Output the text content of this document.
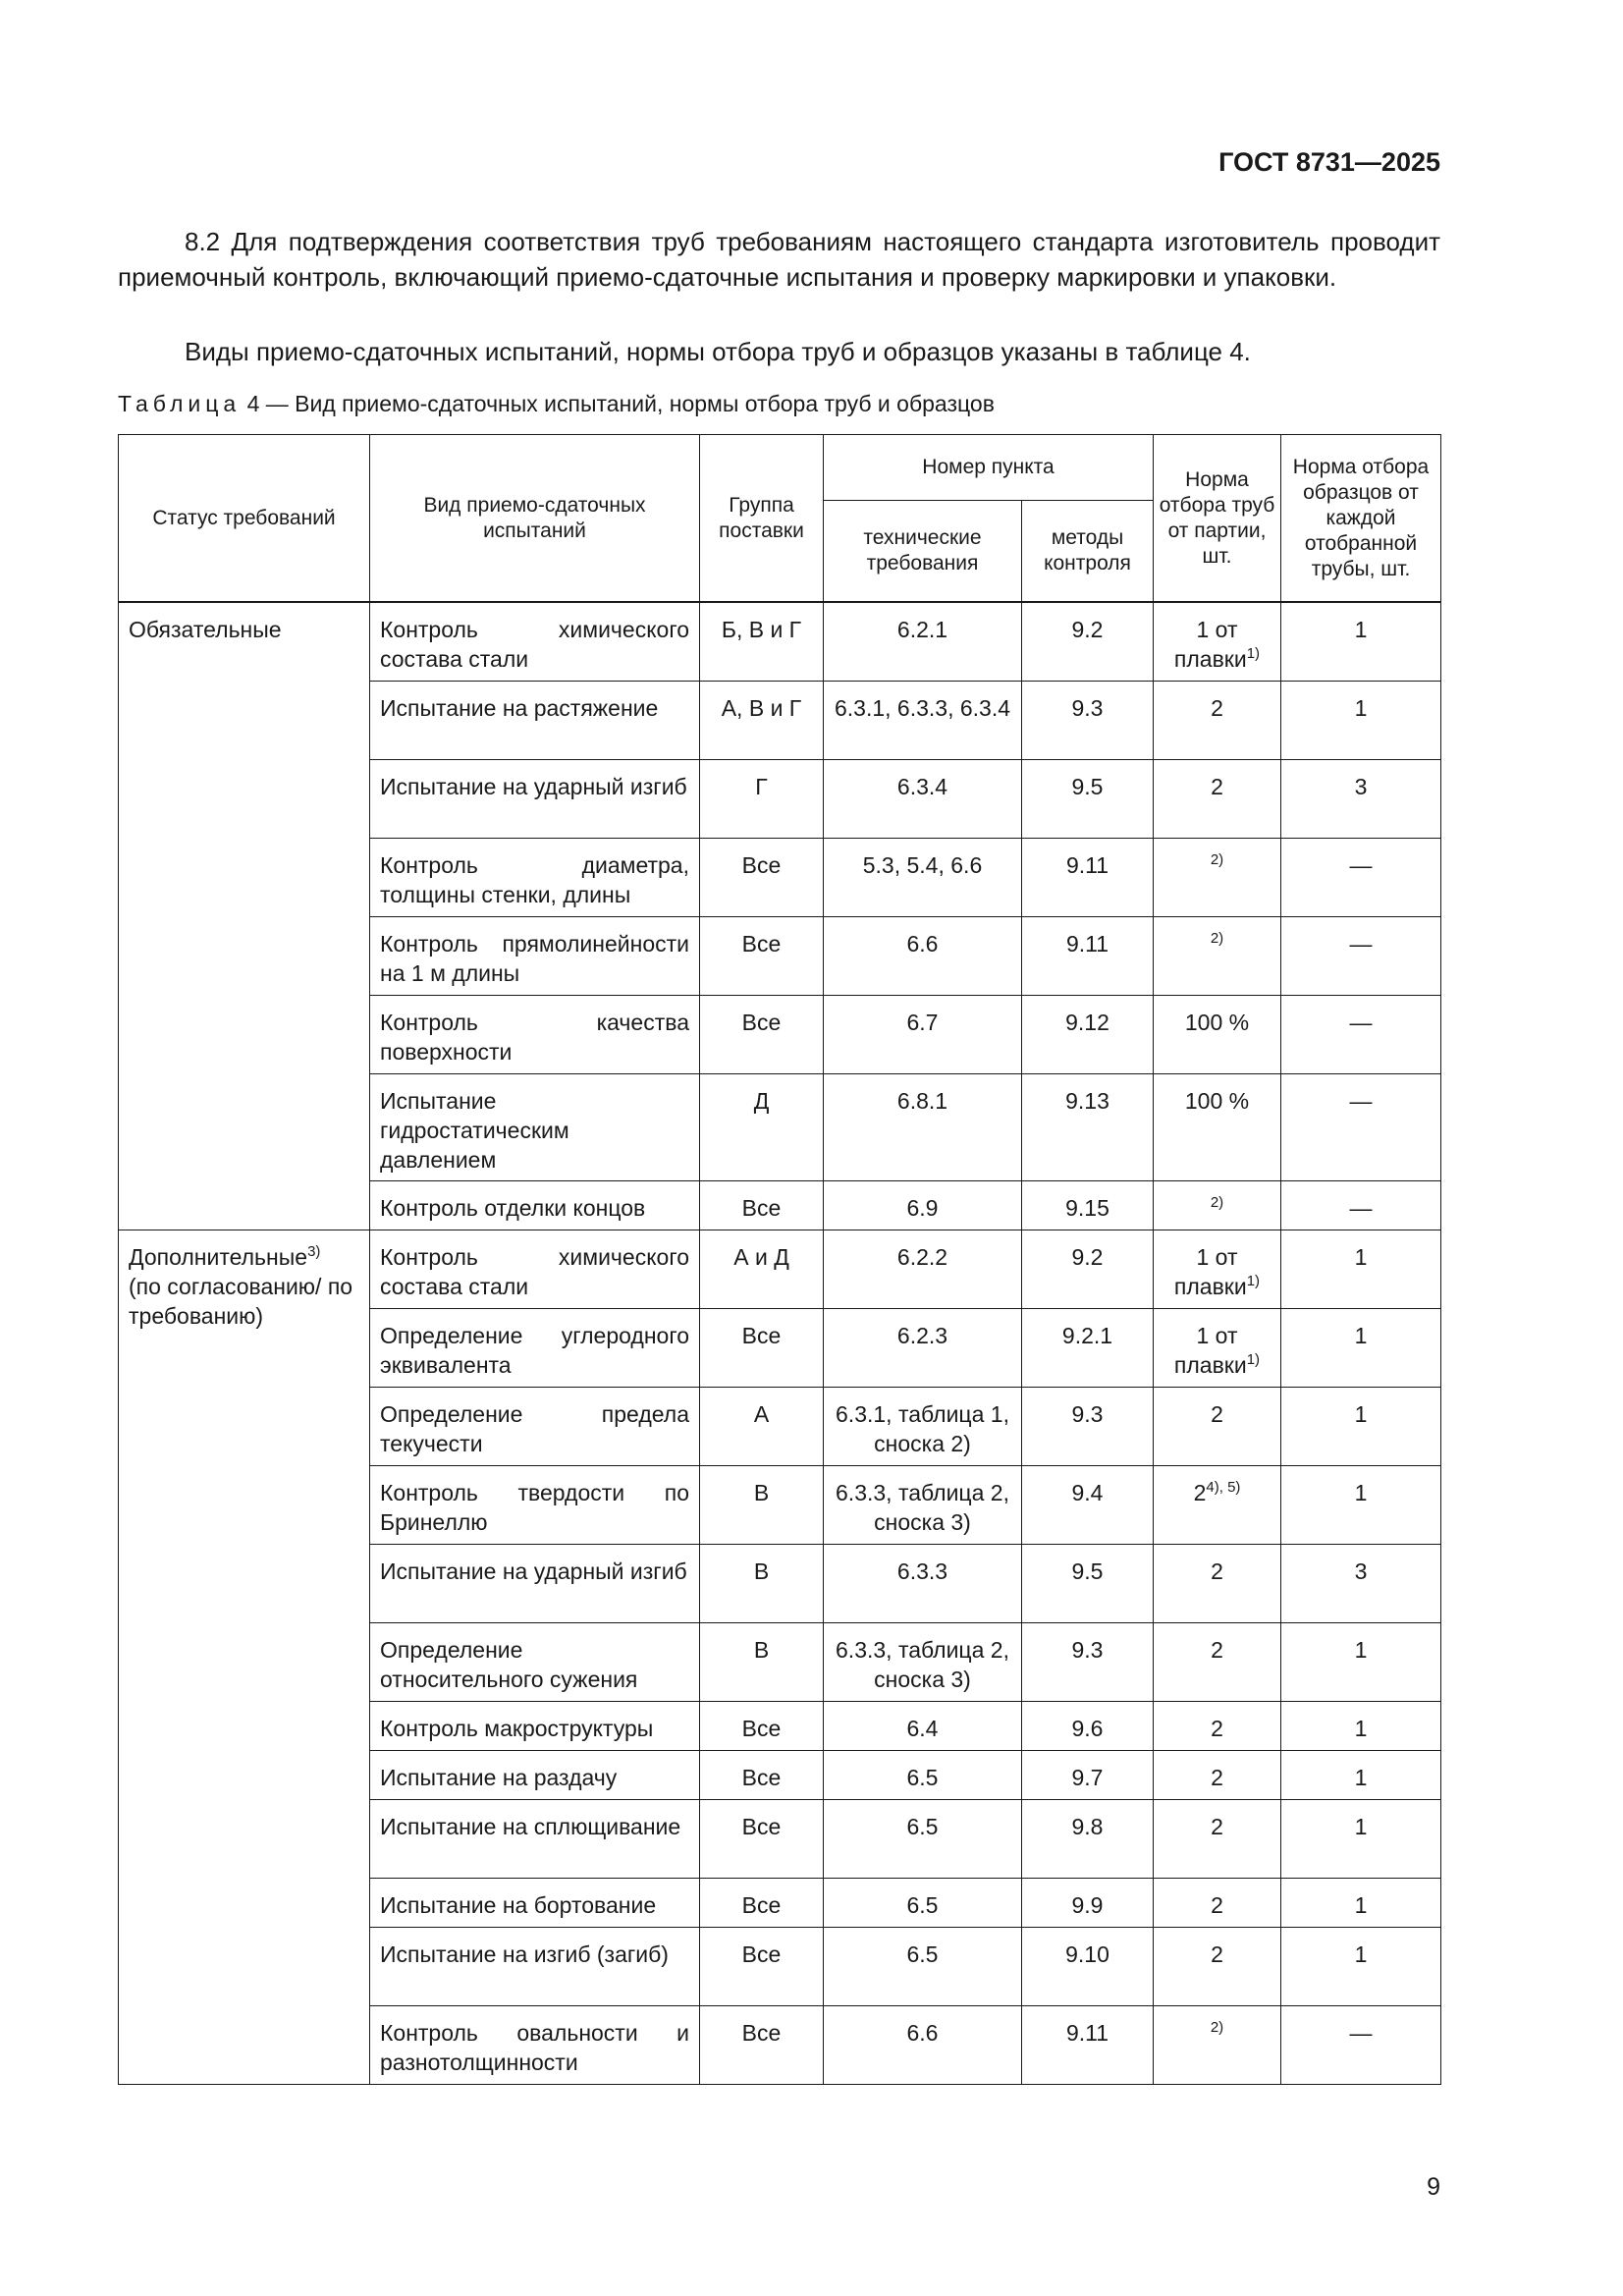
ГОСТ 8731—2025
8.2 Для подтверждения соответствия труб требованиям настоящего стандарта изготовитель проводит приемочный контроль, включающий приемо-сдаточные испытания и проверку маркировки и упаковки.
Виды приемо-сдаточных испытаний, нормы отбора труб и образцов указаны в таблице 4.
Таблица 4 — Вид приемо-сдаточных испытаний, нормы отбора труб и образцов
Статус требований	Вид приемо-сдаточных испытаний	Группа поставки	Номер пункта		Норма отбора труб от партии, шт.	Норма отбора образцов от каждой отобранной трубы, шт.
			технические требования	методы контроля		
Обязательные	Контроль химического состава стали	Б, В и Г	6.2.1	9.2	1 от плавки$^{1)}$	1
	Испытание на растяжение	А, В и Г	6.3.1, 6.3.3, 6.3.4	9.3	2	1
	Испытание на ударный изгиб	Г	6.3.4	9.5	2	3
	Контроль диаметра, толщины стенки, длины	Все	5.3, 5.4, 6.6	9.11	$^{2)}$	—
	Контроль прямолинейности на 1 м длины	Все	6.6	9.11	$^{2)}$	—
	Контроль качества поверхности	Все	6.7	9.12	100 %	—
	Испытание гидростатическим давлением	Д	6.8.1	9.13	100 %	—
	Контроль отделки концов	Все	6.9	9.15	$^{2)}$	—
Дополнительные$^{3)}$
(по согласованию/ по требованию)	Контроль химического состава стали	А и Д	6.2.2	9.2	1 от плавки$^{1)}$	1
	Определение углеродного эквивалента	Все	6.2.3	9.2.1	1 от плавки$^{1)}$	1
	Определение предела текучести	А	6.3.1, таблица 1, сноска 2)	9.3	2	1
	Контроль твердости по Бринеллю	В	6.3.3, таблица 2, сноска 3)	9.4	$2^{4), 5)}$	1
	Испытание на ударный изгиб	В	6.3.3	9.5	2	3
	Определение относительного сужения	В	6.3.3, таблица 2, сноска 3)	9.3	2	1
	Контроль макроструктуры	Все	6.4	9.6	2	1
	Испытание на раздачу	Все	6.5	9.7	2	1
	Испытание на сплющивание	Все	6.5	9.8	2	1
	Испытание на бортование	Все	6.5	9.9	2	1
	Испытание на изгиб (загиб)	Все	6.5	9.10	2	1
	Контроль овальности и разнотолщинности	Все	6.6	9.11	$^{2)}$	—
9
